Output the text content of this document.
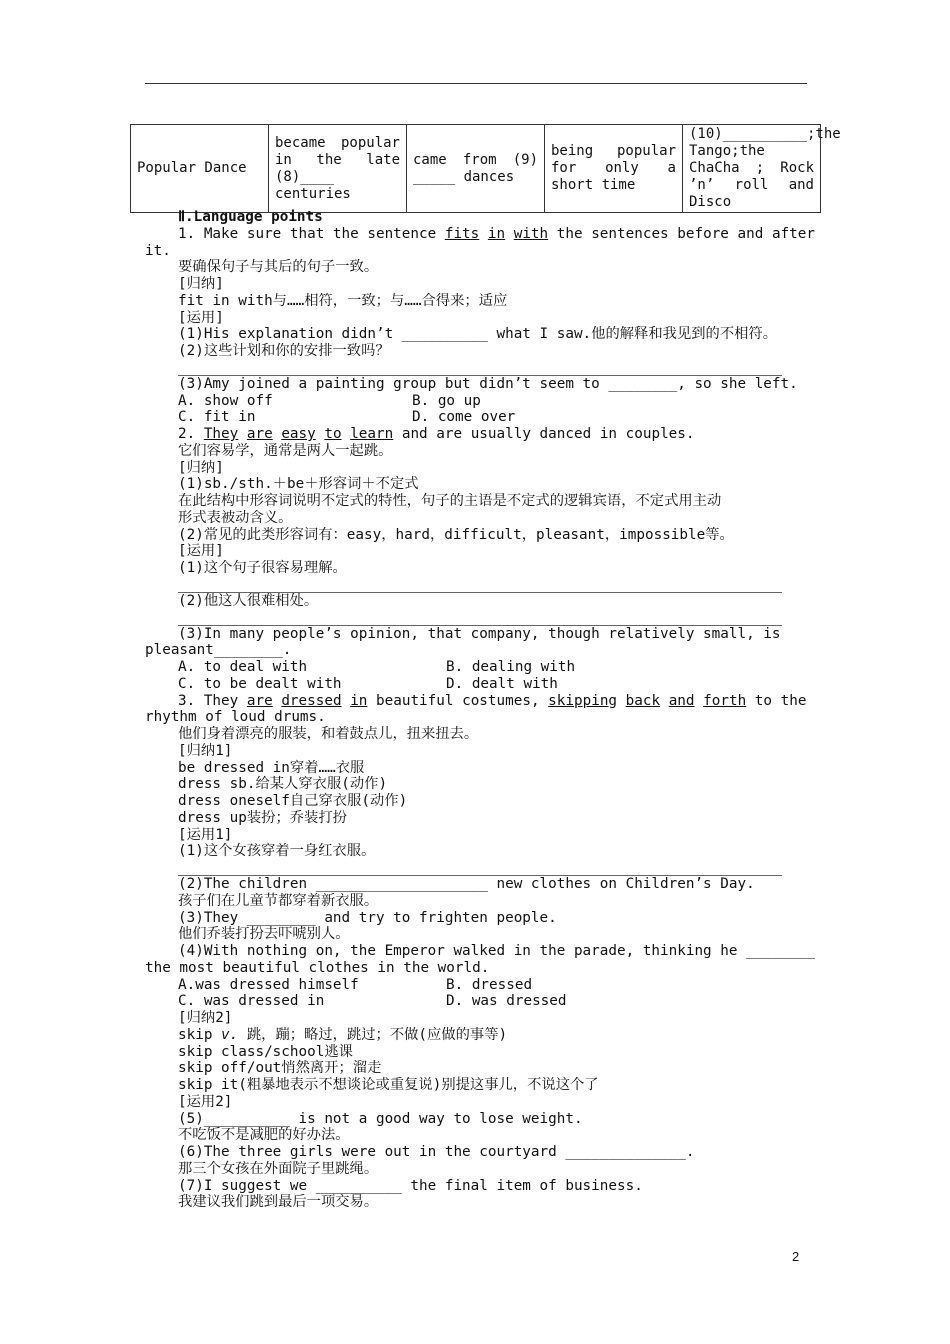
Popular Dance	became popular in the late (8)____ centuries	came from (9) _____ dances	being popular for only a short time	(10)__________;the Tango;the ChaCha ; Rock ’n’ roll and Disco
Ⅱ.Language points
1. Make sure that the sentence fits in with the sentences before and after
it.
要确保句子与其后的句子一致。
[归纳]
fit in with与……相符，一致；与……合得来；适应
[运用]
(1)His explanation didn’t __________ what I saw.他的解释和我见到的不相符。
(2)这些计划和你的安排一致吗？
(3)Amy joined a painting group but didn’t seem to ________, so she left.
A. show off	B. go up
C. fit in	D. come over
2. They are easy to learn and are usually danced in couples.
它们容易学，通常是两人一起跳。
[归纳]
(1)sb./sth.＋be＋形容词＋不定式
在此结构中形容词说明不定式的特性，句子的主语是不定式的逻辑宾语，不定式用主动
形式表被动含义。
(2)常见的此类形容词有：easy，hard，difficult，pleasant，impossible等。
[运用]
(1)这个句子很容易理解。
(2)他这人很难相处。
(3)In many people’s opinion, that company, though relatively small, is
pleasant________.
A. to deal with	B. dealing with
C. to be dealt with	D. dealt with
3. They are dressed in beautiful costumes, skipping back and forth to the
rhythm of loud drums.
他们身着漂亮的服装，和着鼓点儿，扭来扭去。
[归纳1]
be dressed in穿着……衣服
dress sb.给某人穿衣服(动作)
dress oneself自己穿衣服(动作)
dress up装扮；乔装打扮
[运用1]
(1)这个女孩穿着一身红衣服。
(2)The children ____________________ new clothes on Children’s Day.
孩子们在儿童节都穿着新衣服。
(3)They ________ and try to frighten people.
他们乔装打扮去吓唬别人。
(4)With nothing on, the Emperor walked in the parade, thinking he ________
the most beautiful clothes in the world.
A.was dressed himself	B. dressed
C. was dressed in	D. was dressed
[归纳2]
skip v. 跳，蹦；略过，跳过；不做(应做的事等)
skip class/school逃课
skip off/out悄然离开；溜走
skip it(粗暴地表示不想谈论或重复说)别提这事儿，不说这个了
[运用2]
(5)__________ is not a good way to lose weight.
不吃饭不是减肥的好办法。
(6)The three girls were out in the courtyard ______________.
那三个女孩在外面院子里跳绳。
(7)I suggest we __________ the final item of business.
我建议我们跳到最后一项交易。
2
